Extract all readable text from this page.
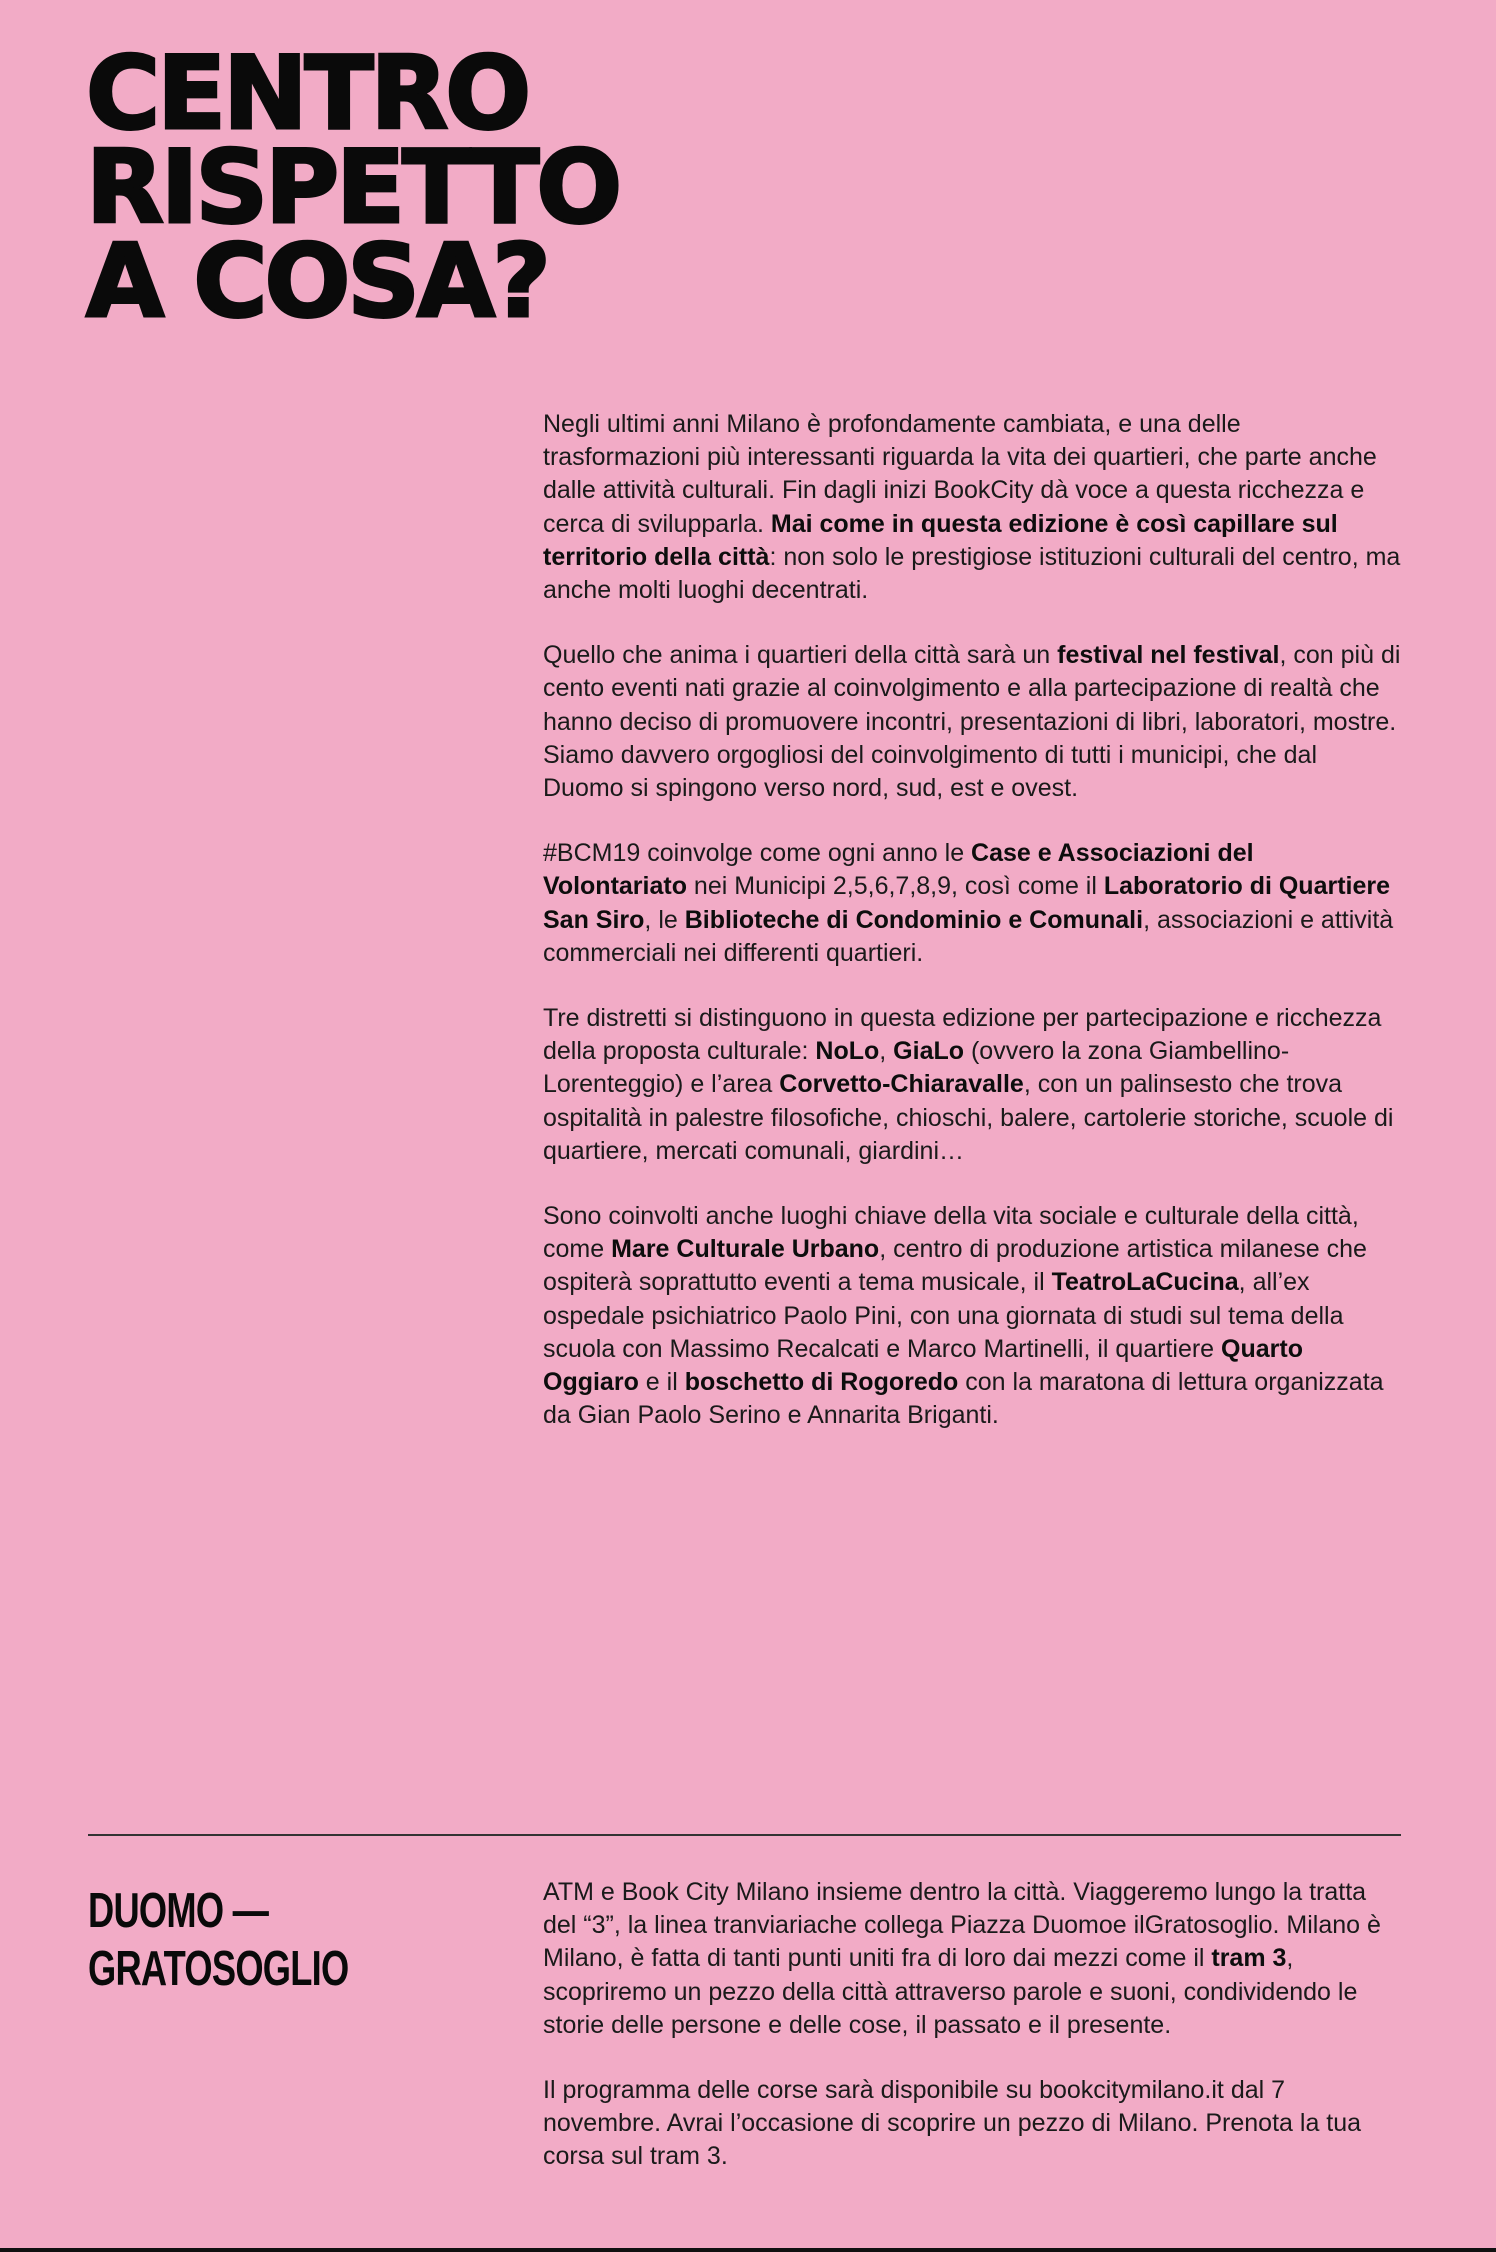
CENTRO
RISPETTO
A COSA?

Negli ultimi anni Milano è profondamente cambiata, e una delle trasformazioni più interessanti riguarda la vita dei quartieri, che parte anche dalle attività culturali. Fin dagli inizi BookCity dà voce a questa ricchezza e cerca di svilupparla. Mai come in questa edizione è così capillare sul territorio della città: non solo le prestigiose istituzioni culturali del centro, ma anche molti luoghi decentrati.

Quello che anima i quartieri della città sarà un festival nel festival, con più di cento eventi nati grazie al coinvolgimento e alla partecipazione di realtà che hanno deciso di promuovere incontri, presentazioni di libri, laboratori, mostre. Siamo davvero orgogliosi del coinvolgimento di tutti i municipi, che dal Duomo si spingono verso nord, sud, est e ovest.

#BCM19 coinvolge come ogni anno le Case e Associazioni del Volontariato nei Municipi 2,5,6,7,8,9, così come il Laboratorio di Quartiere San Siro, le Biblioteche di Condominio e Comunali, associazioni e attività commerciali nei differenti quartieri.

Tre distretti si distinguono in questa edizione per partecipazione e ricchezza della proposta culturale: NoLo, GiaLo (ovvero la zona Giambellino-Lorenteggio) e l’area Corvetto-Chiaravalle, con un palinsesto che trova ospitalità in palestre filosofiche, chioschi, balere, cartolerie storiche, scuole di quartiere, mercati comunali, giardini…

Sono coinvolti anche luoghi chiave della vita sociale e culturale della città, come Mare Culturale Urbano, centro di produzione artistica milanese che ospiterà soprattutto eventi a tema musicale, il TeatroLaCucina, all’ex ospedale psichiatrico Paolo Pini, con una giornata di studi sul tema della scuola con Massimo Recalcati e Marco Martinelli, il quartiere Quarto Oggiaro e il boschetto di Rogoredo con la maratona di lettura organizzata da Gian Paolo Serino e Annarita Briganti.

DUOMO —
GRATOSOGLIO

ATM e Book City Milano insieme dentro la città. Viaggeremo lungo la tratta del “3”, la linea tranviariache collega Piazza Duomoe ilGratosoglio. Milano è Milano, è fatta di tanti punti uniti fra di loro dai mezzi come il tram 3, scopriremo un pezzo della città attraverso parole e suoni, condividendo le storie delle persone e delle cose, il passato e il presente.

Il programma delle corse sarà disponibile su bookcitymilano.it dal 7 novembre. Avrai l’occasione di scoprire un pezzo di Milano. Prenota la tua corsa sul tram 3.
